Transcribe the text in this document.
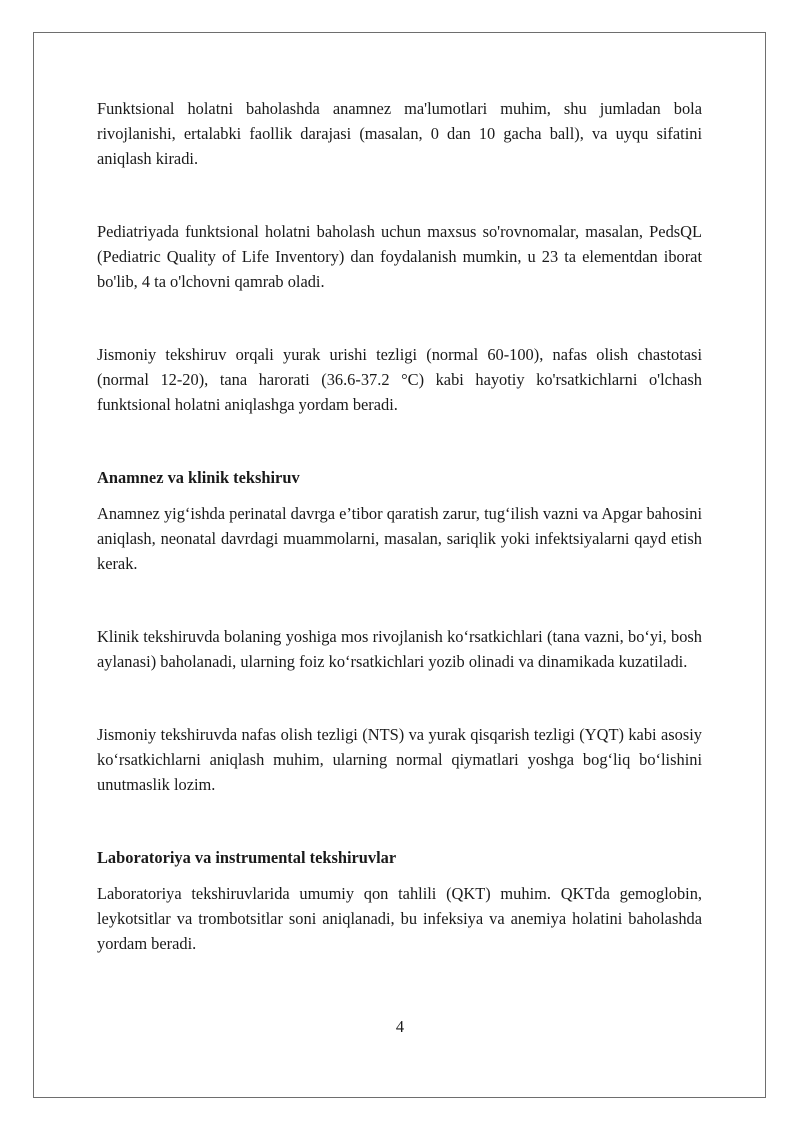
Funktsional holatni baholashda anamnez ma'lumotlari muhim, shu jumladan bola rivojlanishi, ertalabki faollik darajasi (masalan, 0 dan 10 gacha ball), va uyqu sifatini aniqlash kiradi.

Pediatriyada funktsional holatni baholash uchun maxsus so'rovnomalar, masalan, PedsQL (Pediatric Quality of Life Inventory) dan foydalanish mumkin, u 23 ta elementdan iborat bo'lib, 4 ta o'lchovni qamrab oladi.

Jismoniy tekshiruv orqali yurak urishi tezligi (normal 60-100), nafas olish chastotasi (normal 12-20), tana harorati (36.6-37.2 °C) kabi hayotiy ko'rsatkichlarni o'lchash funktsional holatni aniqlashga yordam beradi.

Anamnez va klinik tekshiruv

Anamnez yig‘ishda perinatal davrga e’tibor qaratish zarur, tug‘ilish vazni va Apgar bahosini aniqlash, neonatal davrdagi muammolarni, masalan, sariqlik yoki infektsiyalarni qayd etish kerak.

Klinik tekshiruvda bolaning yoshiga mos rivojlanish ko‘rsatkichlari (tana vazni, bo‘yi, bosh aylanasi) baholanadi, ularning foiz ko‘rsatkichlari yozib olinadi va dinamikada kuzatiladi.

Jismoniy tekshiruvda nafas olish tezligi (NTS) va yurak qisqarish tezligi (YQT) kabi asosiy ko‘rsatkichlarni aniqlash muhim, ularning normal qiymatlari yoshga bog‘liq bo‘lishini unutmaslik lozim.

Laboratoriya va instrumental tekshiruvlar

Laboratoriya tekshiruvlarida umumiy qon tahlili (QKT) muhim. QKTda gemoglobin, leykotsitlar va trombotsitlar soni aniqlanadi, bu infeksiya va anemiya holatini baholashda yordam beradi.

4
